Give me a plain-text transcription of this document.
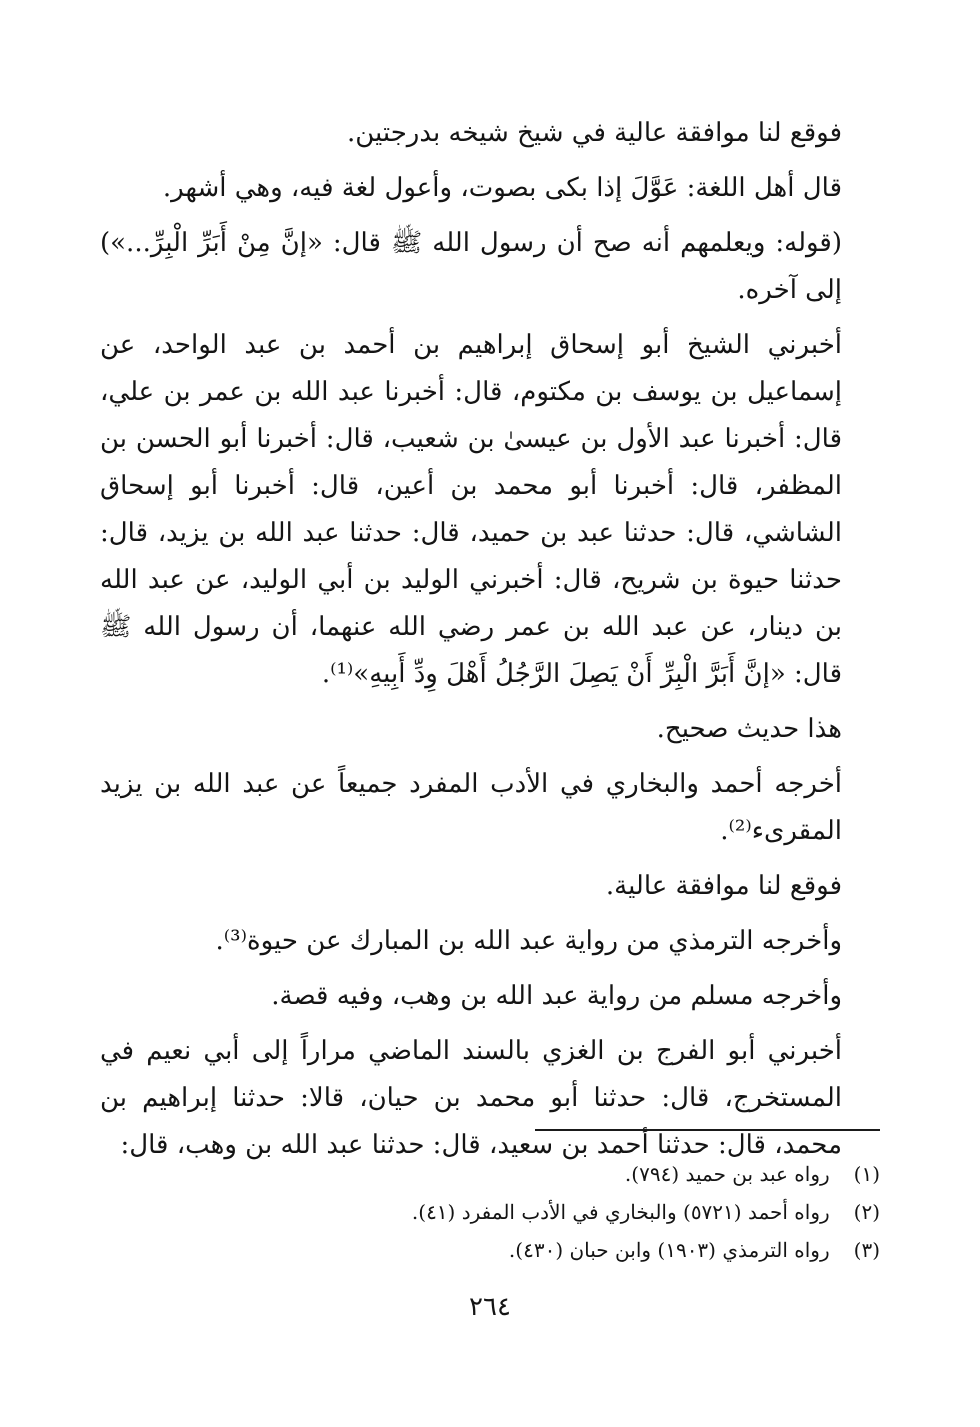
فوقع لنا موافقة عالية في شيخ شيخه بدرجتين.

قال أهل اللغة: عَوَّلَ إذا بكى بصوت، وأعول لغة فيه، وهي أشهر.

(قوله: ويعلمهم أنه صح أن رسول الله ﷺ قال: «إنَّ مِنْ أَبَرِّ الْبِرِّ...») إلى آخره.

أخبرني الشيخ أبو إسحاق إبراهيم بن أحمد بن عبد الواحد، عن إسماعيل بن يوسف بن مكتوم، قال: أخبرنا عبد الله بن عمر بن علي، قال: أخبرنا عبد الأول بن عيسىٰ بن شعيب، قال: أخبرنا أبو الحسن بن المظفر، قال: أخبرنا أبو محمد بن أعين، قال: أخبرنا أبو إسحاق الشاشي، قال: حدثنا عبد بن حميد، قال: حدثنا عبد الله بن يزيد، قال: حدثنا حيوة بن شريح، قال: أخبرني الوليد بن أبي الوليد، عن عبد الله بن دينار، عن عبد الله بن عمر رضي الله عنهما، أن رسول الله ﷺ قال: «إنَّ أَبَرَّ الْبِرِّ أَنْ يَصِلَ الرَّجُلُ أَهْلَ وِدِّ أَبِيهِ»⁽¹⁾.

هذا حديث صحيح.

أخرجه أحمد والبخاري في الأدب المفرد جميعاً عن عبد الله بن يزيد المقرىء⁽²⁾.

فوقع لنا موافقة عالية.

وأخرجه الترمذي من رواية عبد الله بن المبارك عن حيوة⁽³⁾.

وأخرجه مسلم من رواية عبد الله بن وهب، وفيه قصة.

أخبرني أبو الفرج بن الغزي بالسند الماضي مراراً إلى أبي نعيم في المستخرج، قال: حدثنا أبو محمد بن حيان، قالا: حدثنا إبراهيم بن محمد، قال: حدثنا أحمد بن سعيد، قال: حدثنا عبد الله بن وهب، قال:

(١) رواه عبد بن حميد (٧٩٤).
(٢) رواه أحمد (٥٧٢١) والبخاري في الأدب المفرد (٤١).
(٣) رواه الترمذي (١٩٠٣) وابن حبان (٤٣٠).
٢٦٤
